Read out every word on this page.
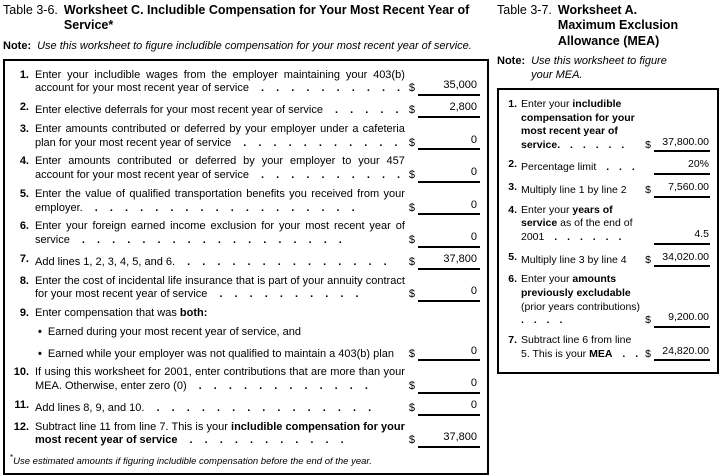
Table 3-6. Worksheet C. Includible Compensation for Your Most Recent Year of Service*
Note: Use this worksheet to figure includible compensation for your most recent year of service.
1. Enter your includible wages from the employer maintaining your 403(b) account for your most recent year of service . . . . . . . . . . $	35,000
2. Enter elective deferrals for your most recent year of service . . . . . $	2,800
3. Enter amounts contributed or deferred by your employer under a cafeteria plan for your most recent year of service . . . . . . . . . . .	$	0
4. Enter amounts contributed or deferred by your employer to your 457 account for your most recent year of service . . . . . . . . . . $	0
5. Enter the value of qualified transportation benefits you received from your employer. . . . . . . . . . . . . . . . . . .	$	0
6. Enter your foreign earned income exclusion for your most recent year of service . . . . . . . . . . . . . . . . . .	$	0
7. Add lines 1, 2, 3, 4, 5, and 6. . . . . . . . . . . . . . .	$	37,800
8. Enter the cost of incidental life insurance that is part of your annuity contract for your most recent year of service . . . . . . . . . .	$	0
9. Enter compensation that was both:
• Earned during your most recent year of service, and
• Earned while your employer was not qualified to maintain a 403(b) plan	$	0
10. If using this worksheet for 2001, enter contributions that are more than your MEA. Otherwise, enter zero (0) . . . . . . . . . . . .	$	0
11. Add lines 8, 9, and 10. . . . . . . . . . . . . . . .	$	0
12. Subtract line 11 from line 7. This is your includible compensation for your most recent year of service . . . . . . . . . . .	$	37,800
*Use estimated amounts if figuring includible compensation before the end of the year.
Table 3-7. Worksheet A. Maximum Exclusion Allowance (MEA)
Note: Use this worksheet to figure your MEA.
1. Enter your includible compensation for your most recent year of service. . . . . .	$	37,800.00
2. Percentage limit . . .	20%
3. Multiply line 1 by line 2	$	7,560.00
4. Enter your years of service as of the end of 2001 . . . . . .	4.5
5. Multiply line 3 by line 4	$	34,020.00
6. Enter your amounts previously excludable (prior years contributions) . . . .	$	9,200.00
7. Subtract line 6 from line 5. This is your MEA . . $	24,820.00
